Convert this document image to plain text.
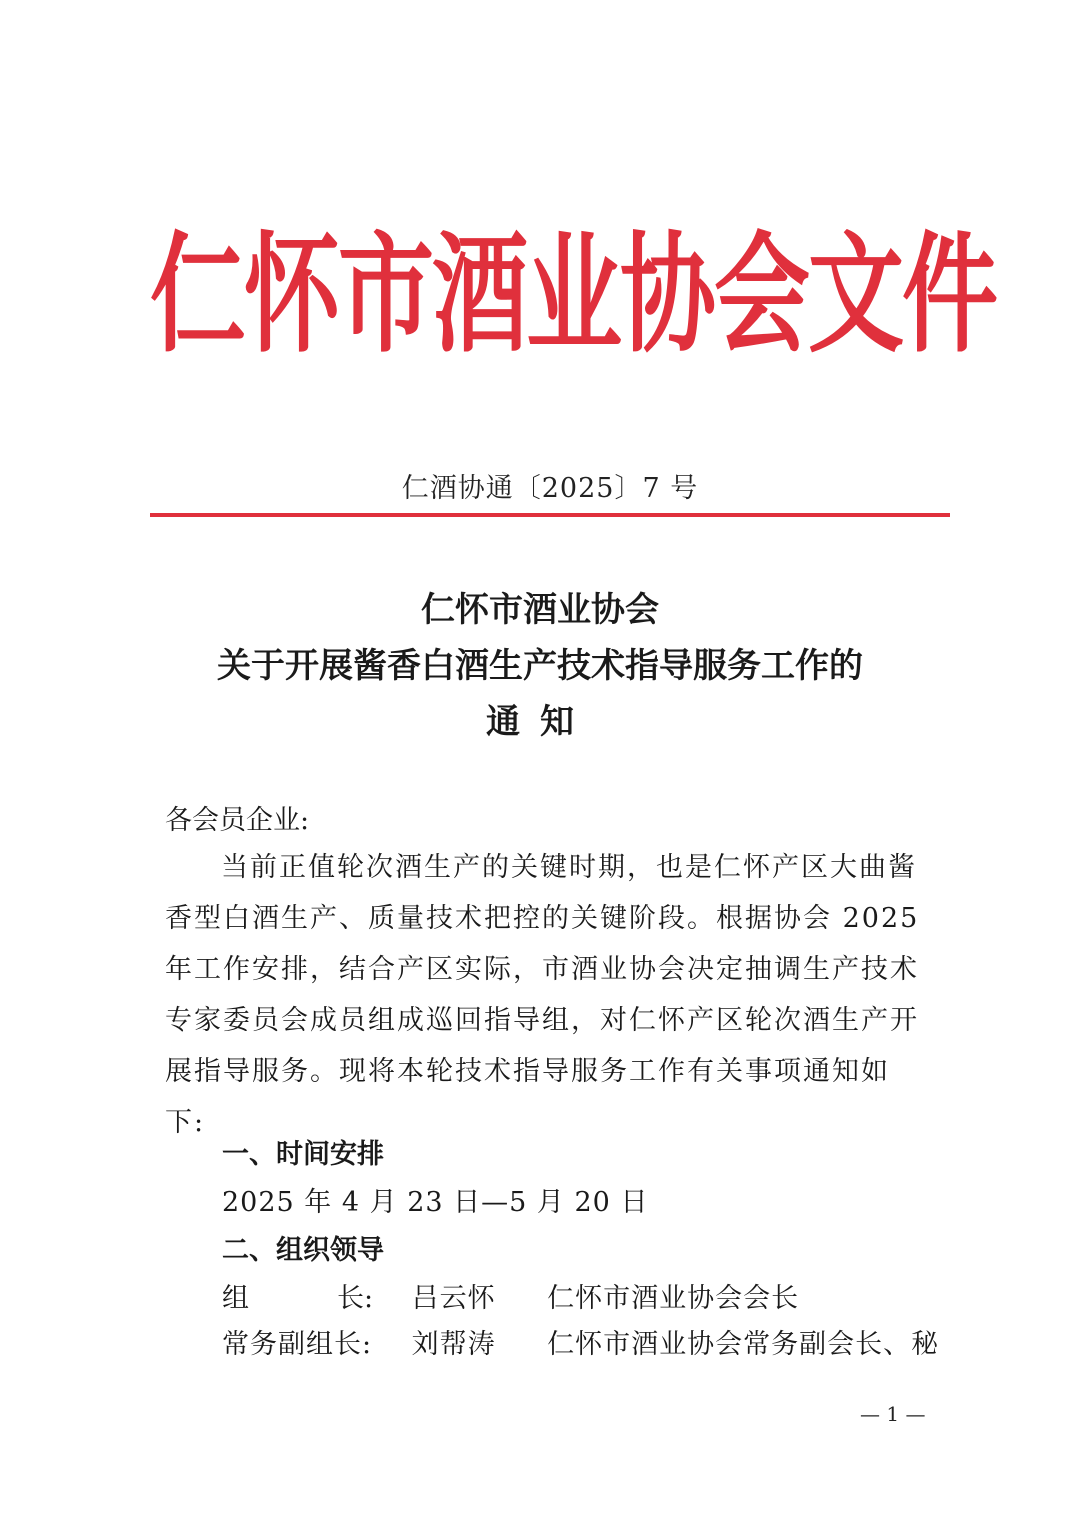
仁怀市酒业协会文件
仁酒协通〔2025〕7 号
仁怀市酒业协会
关于开展酱香白酒生产技术指导服务工作的
通知
各会员企业:
当前正值轮次酒生产的关键时期，也是仁怀产区大曲酱
香型白酒生产、质量技术把控的关键阶段。根据协会 2025
年工作安排，结合产区实际，市酒业协会决定抽调生产技术
专家委员会成员组成巡回指导组，对仁怀产区轮次酒生产开
展指导服务。现将本轮技术指导服务工作有关事项通知如
下:
一、时间安排
2025 年 4 月 23 日—5 月 20 日
二、组织领导
组	长: 吕云怀 仁怀市酒业协会会长
常务副组长: 刘帮涛 仁怀市酒业协会常务副会长、秘
— 1 —
